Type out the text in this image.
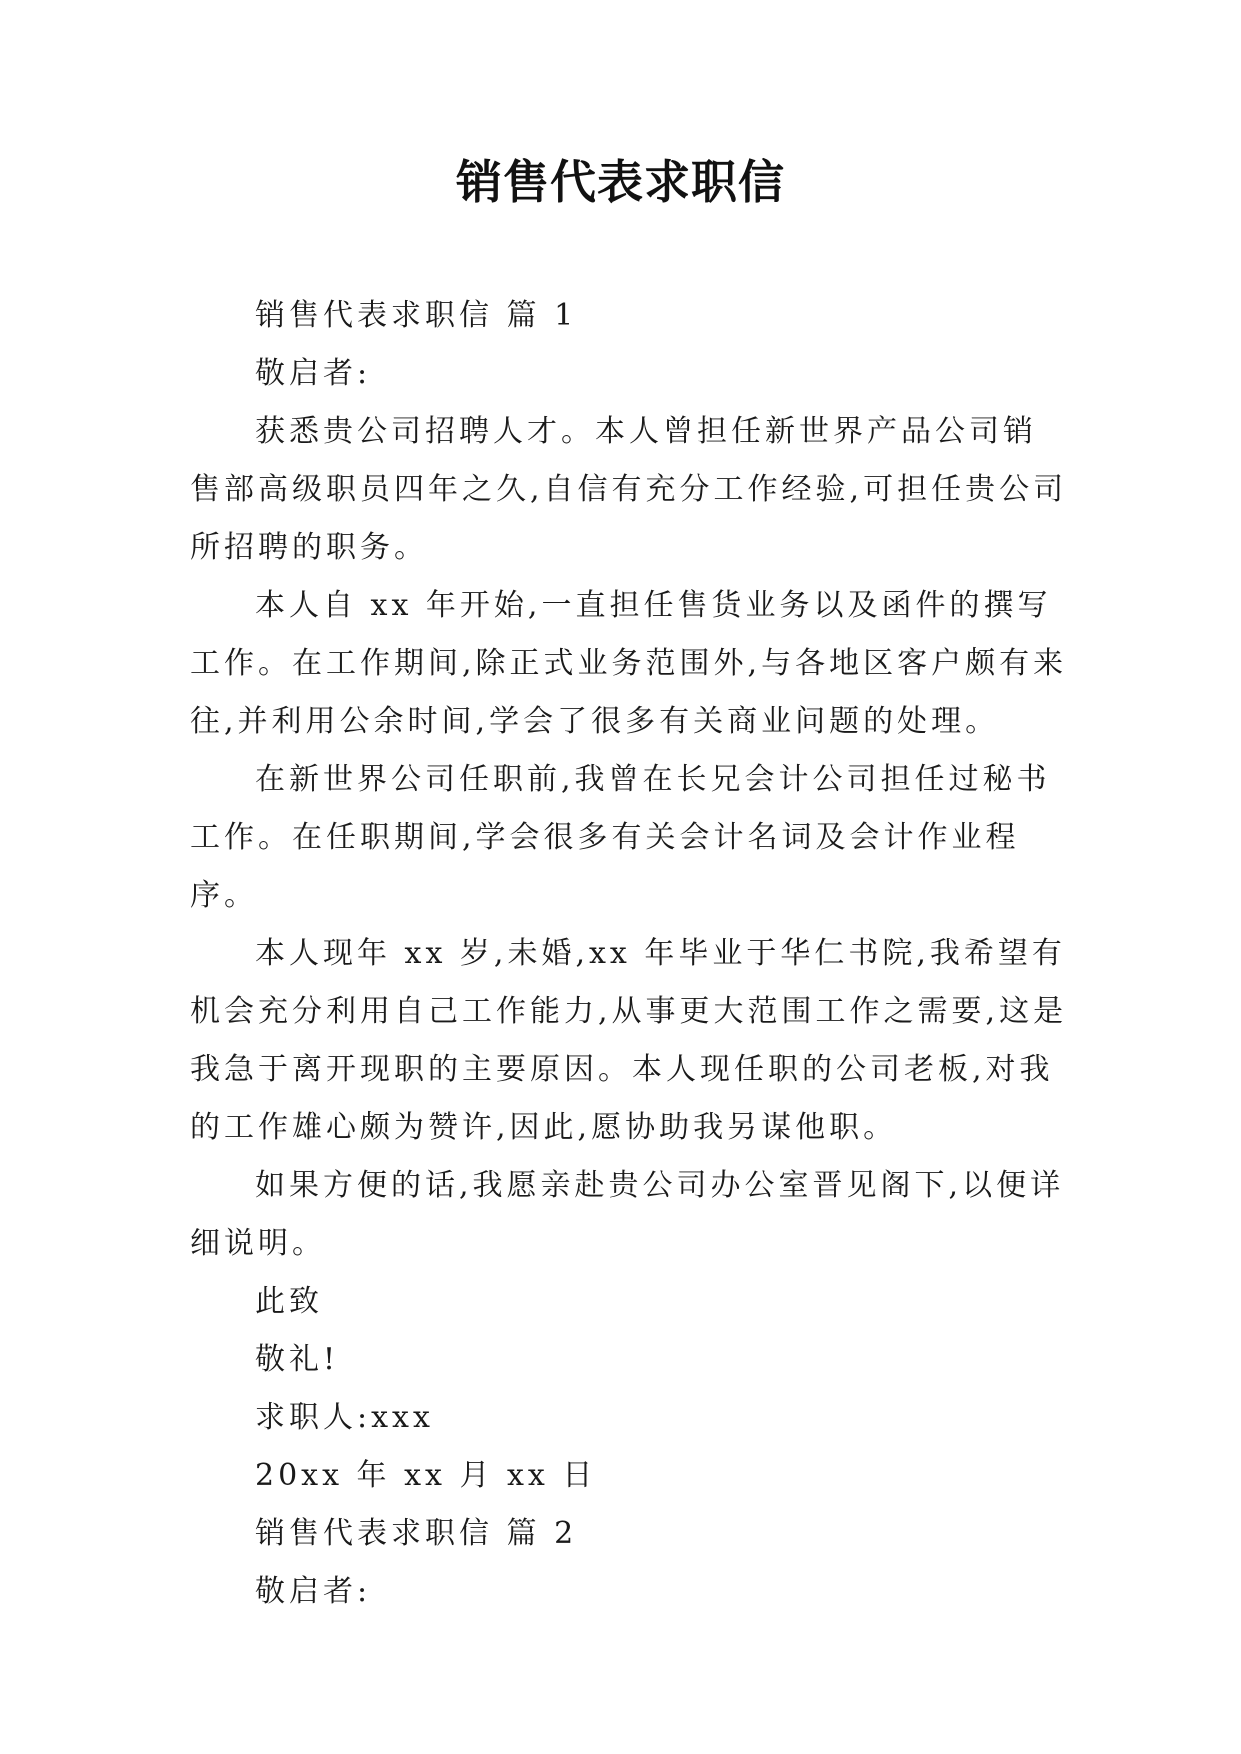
销售代表求职信

销售代表求职信 篇 1

敬启者:

获悉贵公司招聘人才。本人曾担任新世界产品公司销售部高级职员四年之久,自信有充分工作经验,可担任贵公司所招聘的职务。

本人自 xx 年开始,一直担任售货业务以及函件的撰写工作。在工作期间,除正式业务范围外,与各地区客户颇有来往,并利用公余时间,学会了很多有关商业问题的处理。

在新世界公司任职前,我曾在长兄会计公司担任过秘书工作。在任职期间,学会很多有关会计名词及会计作业程序。

本人现年 xx 岁,未婚,xx 年毕业于华仁书院,我希望有机会充分利用自己工作能力,从事更大范围工作之需要,这是我急于离开现职的主要原因。本人现任职的公司老板,对我的工作雄心颇为赞许,因此,愿协助我另谋他职。

如果方便的话,我愿亲赴贵公司办公室晋见阁下,以便详细说明。

此致

敬礼!

求职人:xxx

20xx 年 xx 月 xx 日

销售代表求职信 篇 2

敬启者:
